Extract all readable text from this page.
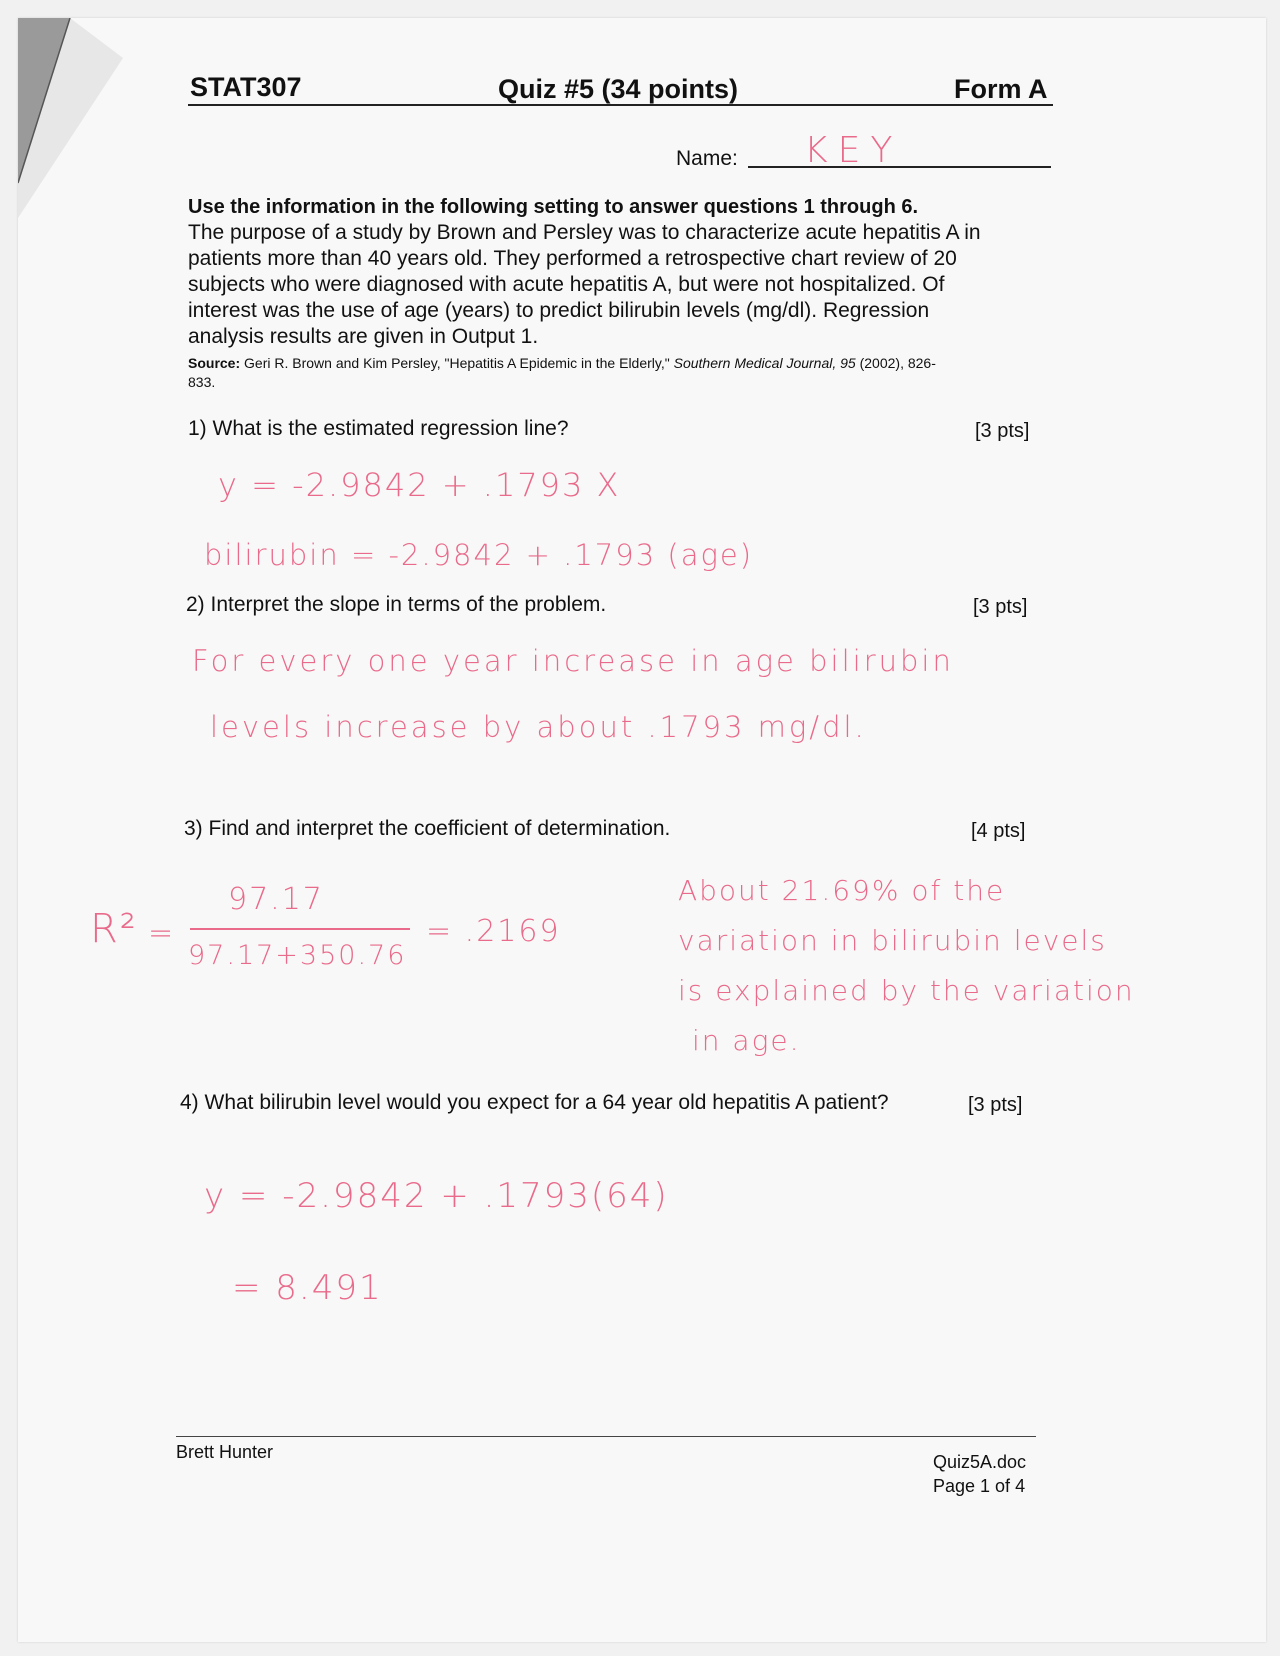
STAT307	Quiz #5 (34 points)	Form A
Name: KEY
Use the information in the following setting to answer questions 1 through 6.
The purpose of a study by Brown and Persley was to characterize acute hepatitis A in
patients more than 40 years old. They performed a retrospective chart review of 20
subjects who were diagnosed with acute hepatitis A, but were not hospitalized. Of
interest was the use of age (years) to predict bilirubin levels (mg/dl). Regression
analysis results are given in Output 1.
Source: Geri R. Brown and Kim Persley, "Hepatitis A Epidemic in the Elderly," Southern Medical Journal, 95 (2002), 826-
833.
1) What is the estimated regression line?	[3 pts]
y = -2.9842 + .1793 X
bilirubin = -2.9842 + .1793 (age)
2) Interpret the slope in terms of the problem.	[3 pts]
For every one year increase in age bilirubin
levels increase by about .1793 mg/dl.
3) Find and interpret the coefficient of determination.	[4 pts]
R² =
97.17
97.17+350.76
= .2169
About 21.69% of the
variation in bilirubin levels
is explained by the variation
in age.
4) What bilirubin level would you expect for a 64 year old hepatitis A patient?	[3 pts]
y = -2.9842 + .1793(64)
= 8.491
Brett Hunter	Quiz5A.doc
Page 1 of 4
